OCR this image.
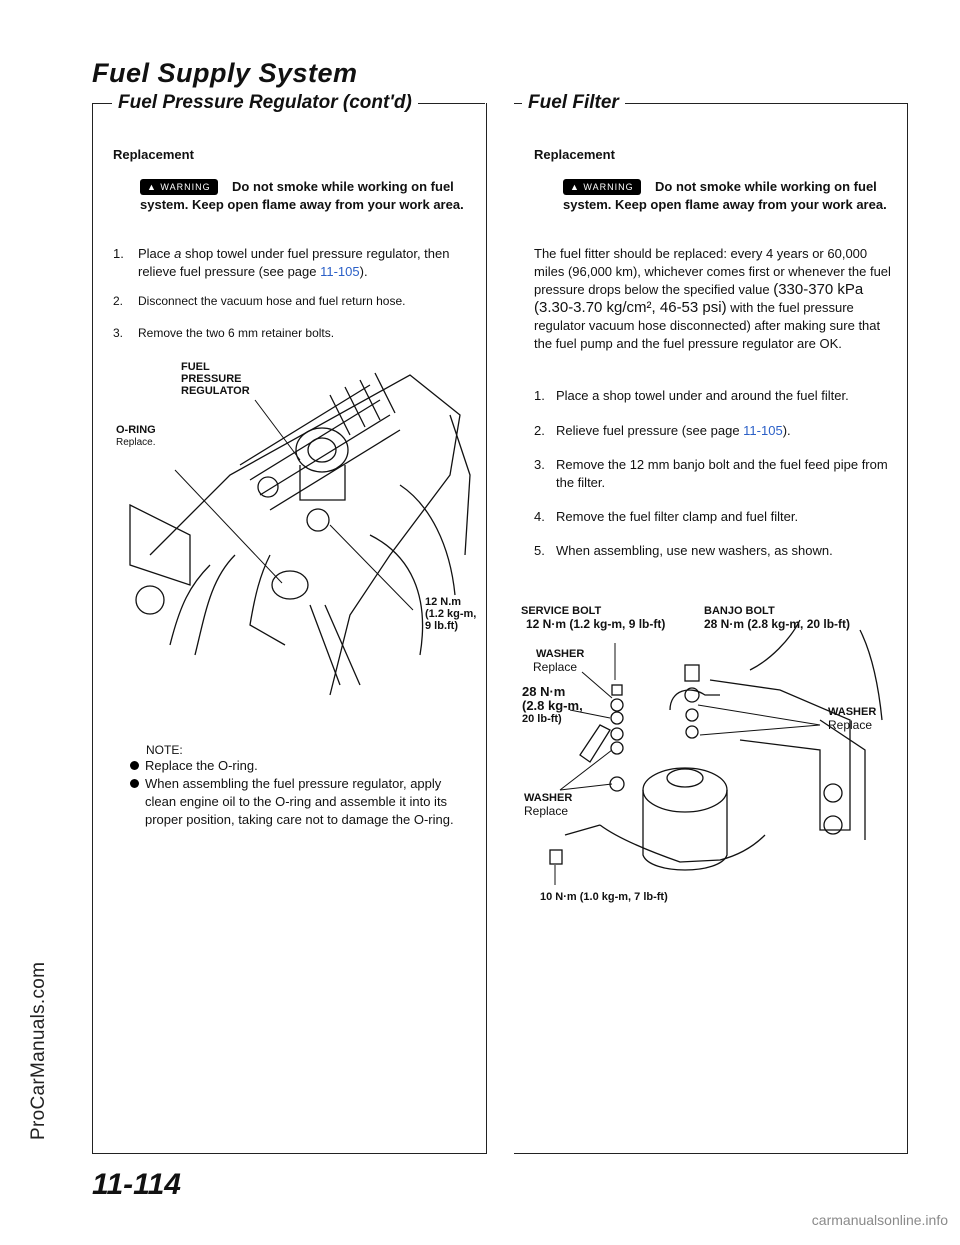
Fuel Supply System
Fuel Pressure Regulator (cont'd)
Replacement
▲ WARNING Do not smoke while working on fuel system. Keep open flame away from your work area.
1.	Place a shop towel under fuel pressure regulator, then relieve fuel pressure (see page 11-105).
2. Disconnect the vacuum hose and fuel return hose.
3. Remove the two 6 mm retainer bolts.
FUEL PRESSURE REGULATOR
O-RING
Replace.
12 N.m (1.2 kg-m, 9 lb.ft)
NOTE:
Replace the O-ring.
When assembling the fuel pressure regulator, apply clean engine oil to the O-ring and assemble it into its proper position, taking care not to damage the O-ring.
Fuel Filter
Replacement
▲ WARNING Do not smoke while working on fuel system. Keep open flame away from your work area.
The fuel fitter should be replaced: every 4 years or 60,000 miles (96,000 km), whichever comes first or whenever the fuel pressure drops below the specified value (330-370 kPa (3.30-3.70 kg/cm², 46-53 psi) with the fuel pressure regulator vacuum hose disconnected) after making sure that the fuel pump and the fuel pressure regulator are OK.
1. Place a shop towel under and around the fuel filter.
2. Relieve fuel pressure (see page 11-105).
3. Remove the 12 mm banjo bolt and the fuel feed pipe from the filter.
4. Remove the fuel filter clamp and fuel filter.
5. When assembling, use new washers, as shown.
SERVICE BOLT
12 N·m (1.2 kg-m, 9 lb-ft)
BANJO BOLT
28 N·m (2.8 kg-m, 20 lb-ft)
WASHER
Replace
28 N·m
(2.8 kg-m,
20 lb-ft)
WASHER
Replace
WASHER
Replace
10 N·m (1.0 kg-m, 7 lb-ft)
ProCarManuals.com
11-114
carmanualsonline.info
